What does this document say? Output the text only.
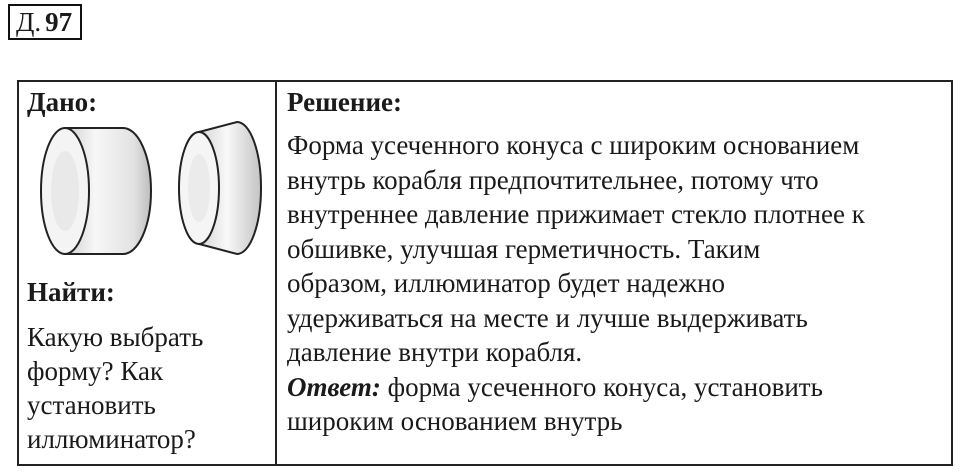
Д. 97
Дано:
Найти:
Какую выбрать
форму? Как
установить
иллюминатор?
Решение:
Форма усеченного конуса с широким основанием
внутрь корабля предпочтительнее, потому что
внутреннее давление прижимает стекло плотнее к
обшивке, улучшая герметичность. Таким
образом, иллюминатор будет надежно
удерживаться на месте и лучше выдерживать
давление внутри корабля.
Ответ: форма усеченного конуса, установить
широким основанием внутрь
